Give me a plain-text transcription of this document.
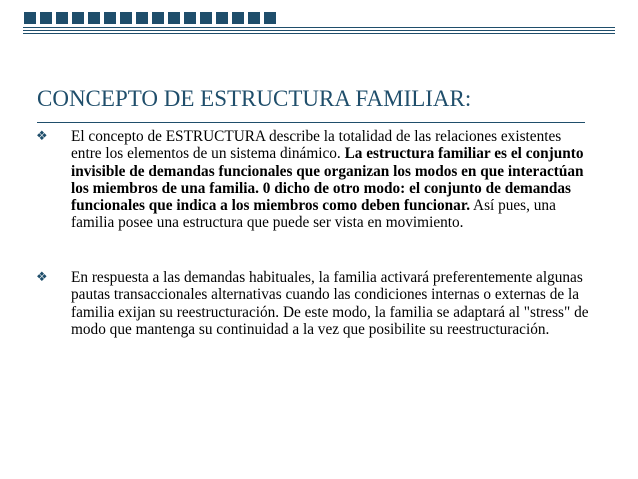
CONCEPTO DE ESTRUCTURA FAMILIAR:
❖ El concepto de ESTRUCTURA describe la totalidad de las relaciones existentes entre los elementos de un sistema dinámico. La estructura familiar es el conjunto invisible de demandas funcionales que organizan los modos en que interactúan los miembros de una familia. 0 dicho de otro modo: el conjunto de demandas funcionales que indica a los miembros como deben funcionar. Así pues, una familia posee una estructura que puede ser vista en movimiento.
❖ En respuesta a las demandas habituales, la familia activará preferentemente algunas pautas transaccionales alternativas cuando las condiciones internas o externas de la familia exijan su reestructuración. De este modo, la familia se adaptará al "stress" de modo que mantenga su continuidad a la vez que posibilite su reestructuración.
